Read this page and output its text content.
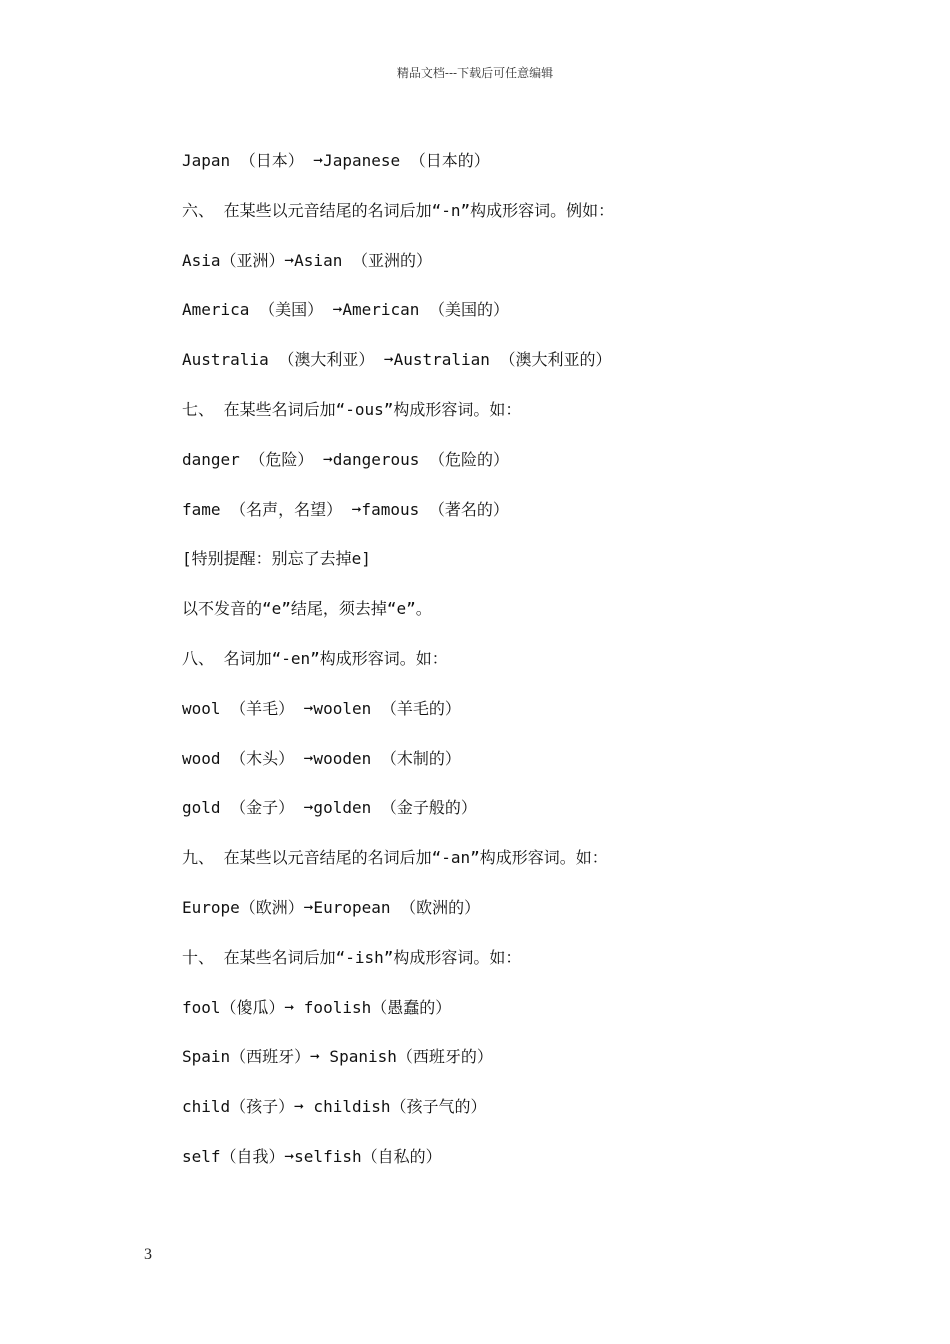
精品文档---下载后可任意编辑
Japan （日本） ➞Japanese （日本的）
六、 在某些以元音结尾的名词后加“-n”构成形容词。例如：
Asia（亚洲）➞Asian （亚洲的）
America （美国） ➞American （美国的）
Australia （澳大利亚） ➞Australian （澳大利亚的）
七、 在某些名词后加“-ous”构成形容词。如：
danger （危险） ➞dangerous （危险的）
fame （名声，名望） ➞famous （著名的）
[特别提醒：别忘了去掉e]
以不发音的“e”结尾，须去掉“e”。
八、 名词加“-en”构成形容词。如：
wool （羊毛） ➞woolen （羊毛的）
wood （木头） ➞wooden （木制的）
gold （金子） ➞golden （金子般的）
九、 在某些以元音结尾的名词后加“-an”构成形容词。如：
Europe（欧洲）➞European （欧洲的）
十、 在某些名词后加“-ish”构成形容词。如：
fool（傻瓜）➞ foolish（愚蠢的）
Spain（西班牙）➞ Spanish（西班牙的）
child（孩子）➞ childish（孩子气的）
self（自我）➞selfish（自私的）
3
